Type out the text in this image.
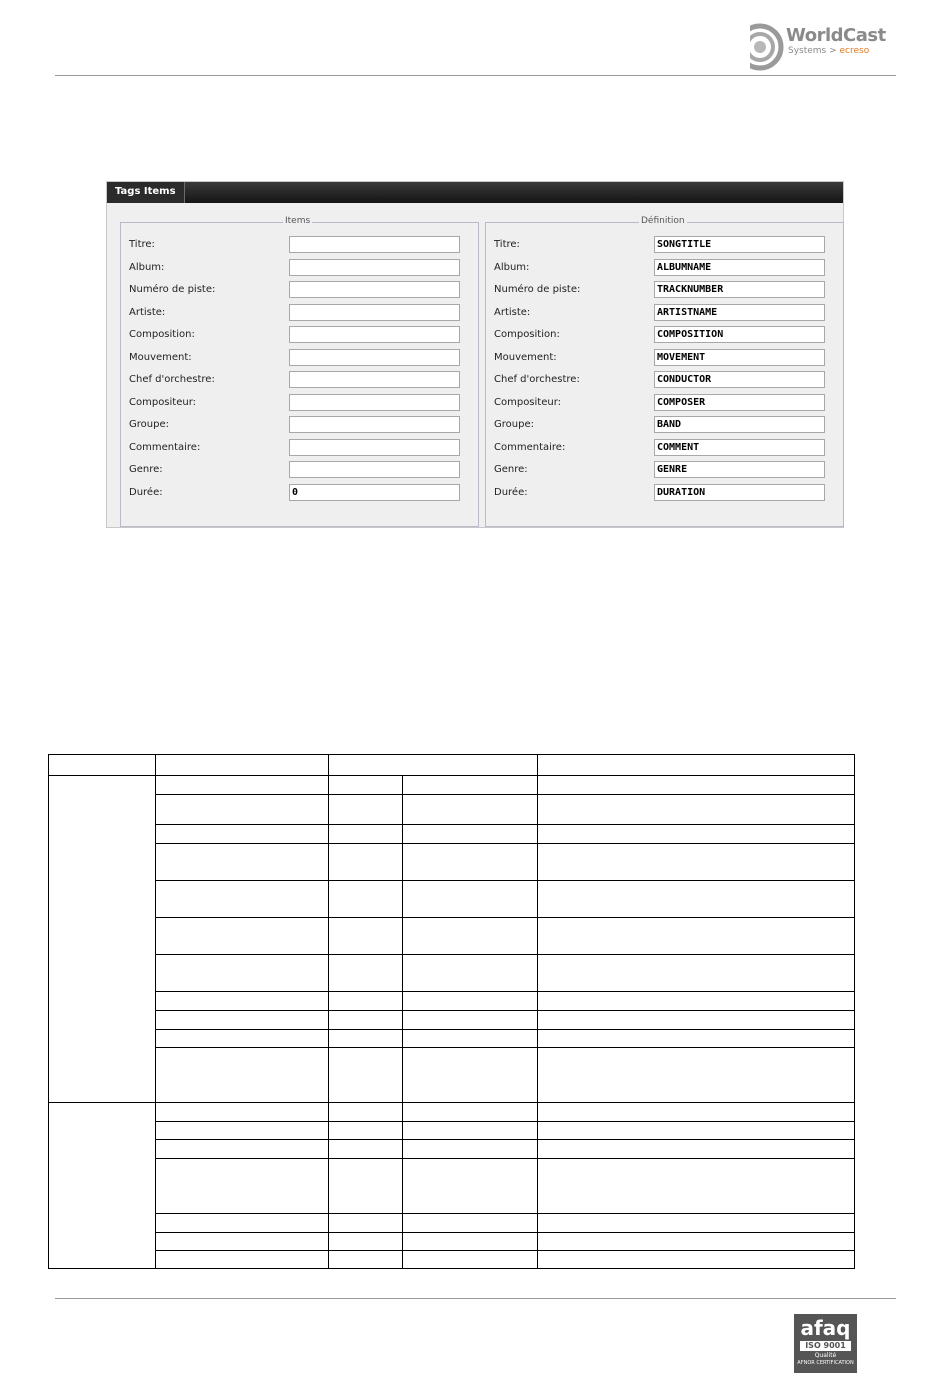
WorldCast
Systems > ecreso
Tags Items
Items
Titre:
Album:
Numéro de piste:
Artiste:
Composition:
Mouvement:
Chef d'orchestre:
Compositeur:
Groupe:
Commentaire:
Genre:
Durée:	0
Définition
Titre:	SONGTITLE
Album:	ALBUMNAME
Numéro de piste:	TRACKNUMBER
Artiste:	ARTISTNAME
Composition:	COMPOSITION
Mouvement:	MOVEMENT
Chef d'orchestre:	CONDUCTOR
Compositeur:	COMPOSER
Groupe:	BAND
Commentaire:	COMMENT
Genre:	GENRE
Durée:	DURATION

afaq
ISO 9001
Qualité
AFNOR CERTIFICATION
